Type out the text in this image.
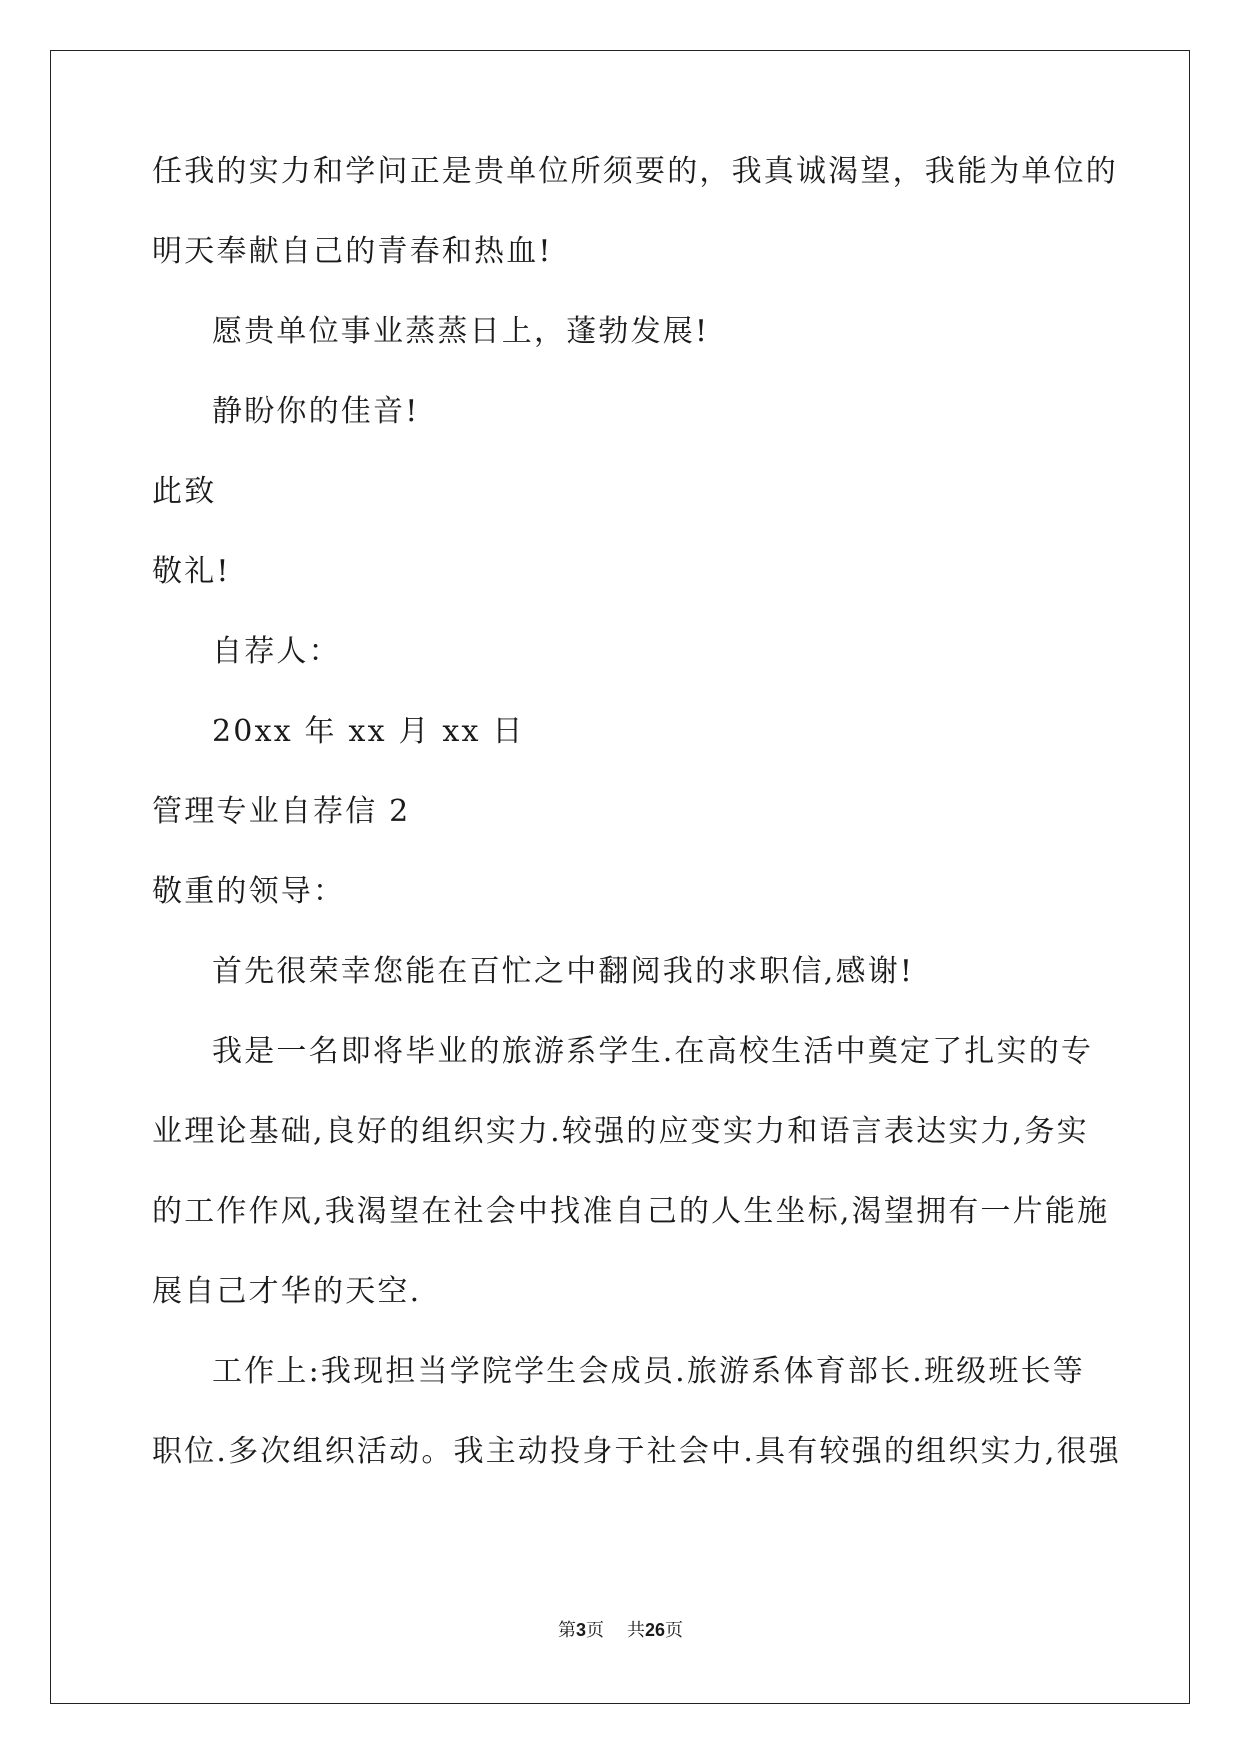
任我的实力和学问正是贵单位所须要的，我真诚渴望，我能为单位的
明天奉献自己的青春和热血!
愿贵单位事业蒸蒸日上，蓬勃发展!
静盼你的佳音!
此致
敬礼!
自荐人：
20xx 年 xx 月 xx 日
管理专业自荐信 2
敬重的领导：
首先很荣幸您能在百忙之中翻阅我的求职信,感谢!
我是一名即将毕业的旅游系学生.在高校生活中奠定了扎实的专
业理论基础,良好的组织实力.较强的应变实力和语言表达实力,务实
的工作作风,我渴望在社会中找准自己的人生坐标,渴望拥有一片能施
展自己才华的天空.
工作上:我现担当学院学生会成员.旅游系体育部长.班级班长等
职位.多次组织活动。我主动投身于社会中.具有较强的组织实力,很强
第3页 共26页
